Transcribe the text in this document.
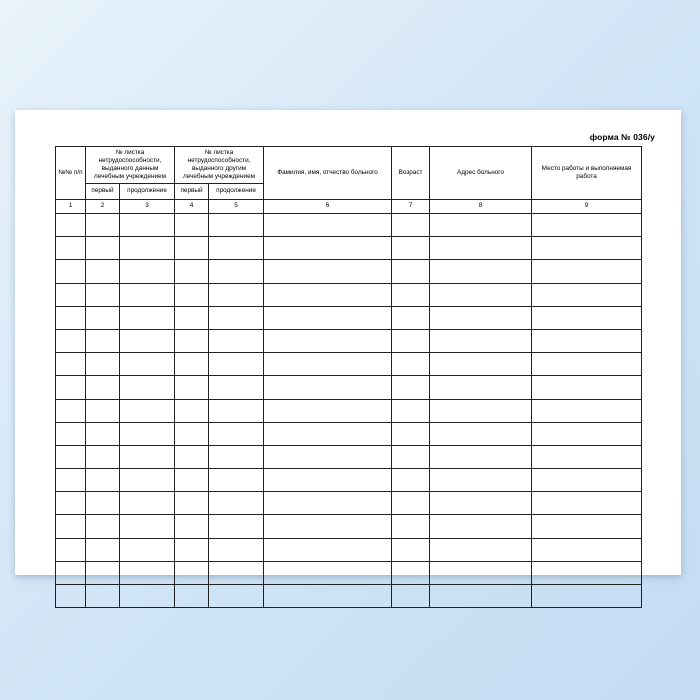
форма № 036/у
№№ п/п	№ листка нетрудоспособности, выданного данным лечебным учреждением		№ листка нетрудоспособности, выданного другим лечебным учреждением		Фамилия, имя, отчество больного	Возраст	Адрес больного	Место работы и выполняемая работа
	первый	продолжение	первый	продолжение				
1	2	3	4	5	6	7	8	9
